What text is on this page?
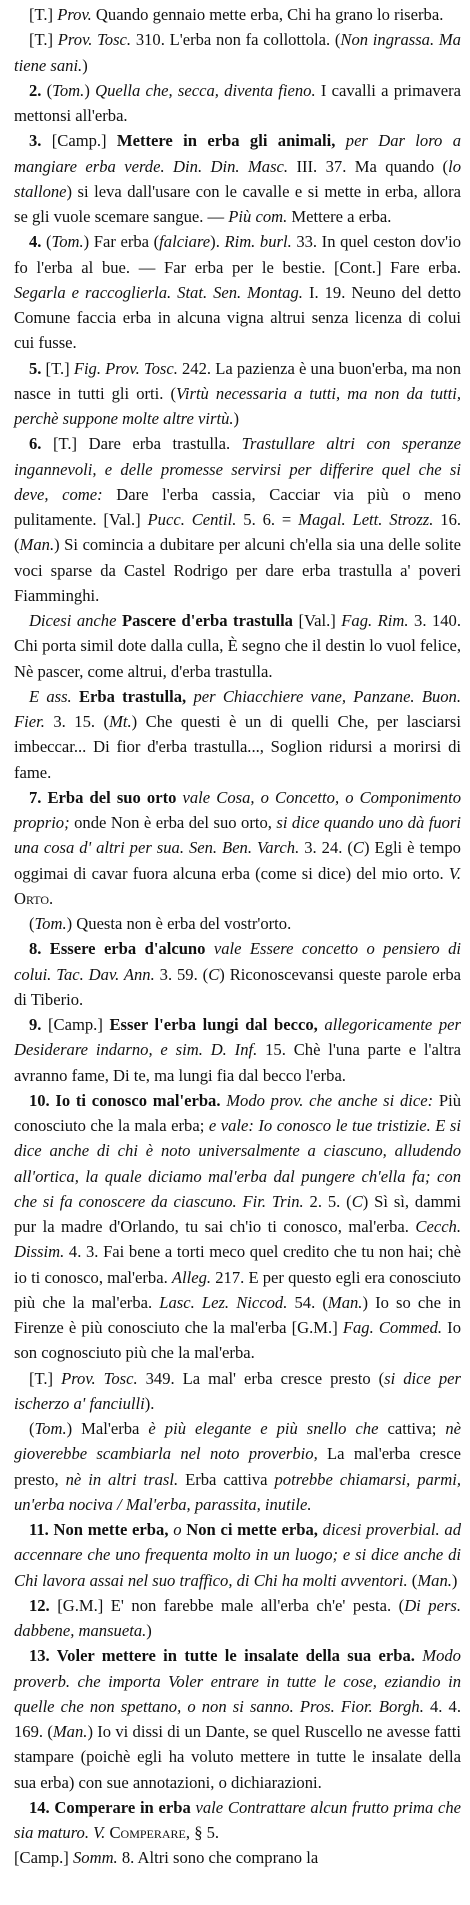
[T.] Prov. Quando gennaio mette erba, Chi ha grano lo riserba.

[T.] Prov. Tosc. 310. L'erba non fa collottola. (Non ingrassa. Ma tiene sani.)

2. (Tom.) Quella che, secca, diventa fieno. I cavalli a primavera mettonsi all'erba.

3. [Camp.] Mettere in erba gli animali, per Dar loro a mangiare erba verde. Din. Din. Masc. III. 37. Ma quando (lo stallone) si leva dall'usare con le cavalle e si mette in erba, allora se gli vuole scemare sangue. — Più com. Mettere a erba.

4. (Tom.) Far erba (falciare). Rim. burl. 33. In quel ceston dov'io fo l'erba al bue. — Far erba per le bestie. [Cont.] Fare erba. Segarla e raccoglierla. Stat. Sen. Montag. I. 19. Neuno del detto Comune faccia erba in alcuna vigna altrui senza licenza di colui cui fusse.

5. [T.] Fig. Prov. Tosc. 242. La pazienza è una buon'erba, ma non nasce in tutti gli orti. (Virtù necessaria a tutti, ma non da tutti, perchè suppone molte altre virtù.)

6. [T.] Dare erba trastulla. Trastullare altri con speranze ingannevoli, e delle promesse servirsi per differire quel che si deve, come: Dare l'erba cassia, Cacciar via più o meno pulitamente. [Val.] Pucc. Centil. 5. 6. = Magal. Lett. Strozz. 16. (Man.) Si comincia a dubitare per alcuni ch'ella sia una delle solite voci sparse da Castel Rodrigo per dare erba trastulla a' poveri Fiamminghi.

Dicesi anche Pascere d'erba trastulla [Val.] Fag. Rim. 3. 140. Chi porta simil dote dalla culla, È segno che il destin lo vuol felice, Nè pascer, come altrui, d'erba trastulla.

E ass. Erba trastulla, per Chiacchiere vane, Panzane. Buon. Fier. 3. 15. (Mt.) Che questi è un di quelli Che, per lasciarsi imbeccar... Di fior d'erba trastulla..., Soglion ridursi a morirsi di fame.

7. Erba del suo orto vale Cosa, o Concetto, o Componimento proprio; onde Non è erba del suo orto, si dice quando uno dà fuori una cosa d' altri per sua. Sen. Ben. Varch. 3. 24. (C) Egli è tempo oggimai di cavar fuora alcuna erba (come si dice) del mio orto. V. Orto.

(Tom.) Questa non è erba del vostr'orto.

8. Essere erba d'alcuno vale Essere concetto o pensiero di colui. Tac. Dav. Ann. 3. 59. (C) Riconoscevansi queste parole erba di Tiberio.

9. [Camp.] Esser l'erba lungi dal becco, allegoricamente per Desiderare indarno, e sim. D. Inf. 15. Chè l'una parte e l'altra avranno fame, Di te, ma lungi fia dal becco l'erba.

10. Io ti conosco mal'erba. Modo prov. che anche si dice: Più conosciuto che la mala erba; e vale: Io conosco le tue tristizie. E si dice anche di chi è noto universalmente a ciascuno, alludendo all'ortica, la quale diciamo mal'erba dal pungere ch'ella fa; con che si fa conoscere da ciascuno. Fir. Trin. 2. 5. (C) Sì sì, dammi pur la madre d'Orlando, tu sai ch'io ti conosco, mal'erba. Cecch. Dissim. 4. 3. Fai bene a torti meco quel credito che tu non hai; chè io ti conosco, mal'erba. Alleg. 217. E per questo egli era conosciuto più che la mal'erba. Lasc. Lez. Niccod. 54. (Man.) Io so che in Firenze è più conosciuto che la mal'erba [G.M.] Fag. Commed. Io son cognosciuto più che la mal'erba.

[T.] Prov. Tosc. 349. La mal' erba cresce presto (si dice per ischerzo a' fanciulli).

(Tom.) Mal'erba è più elegante e più snello che cattiva; nè gioverebbe scambiarla nel noto proverbio, La mal'erba cresce presto, nè in altri trasl. Erba cattiva potrebbe chiamarsi, parmi, un'erba nociva / Mal'erba, parassita, inutile.

11. Non mette erba, o Non ci mette erba, dicesi proverbial. ad accennare che uno frequenta molto in un luogo; e si dice anche di Chi lavora assai nel suo traffico, di Chi ha molti avventori. (Man.)

12. [G.M.] E' non farebbe male all'erba ch'e' pesta. (Di pers. dabbene, mansueta.)

13. Voler mettere in tutte le insalate della sua erba. Modo proverb. che importa Voler entrare in tutte le cose, eziandio in quelle che non spettano, o non si sanno. Pros. Fior. Borgh. 4. 4. 169. (Man.) Io vi dissi di un Dante, se quel Ruscello ne avesse fatti stampare (poichè egli ha voluto mettere in tutte le insalate della sua erba) con sue annotazioni, o dichiarazioni.

14. Comperare in erba vale Contrattare alcun frutto prima che sia maturo. V. Comperare, § 5.

[Camp.] Somm. 8. Altri sono che comprano la
